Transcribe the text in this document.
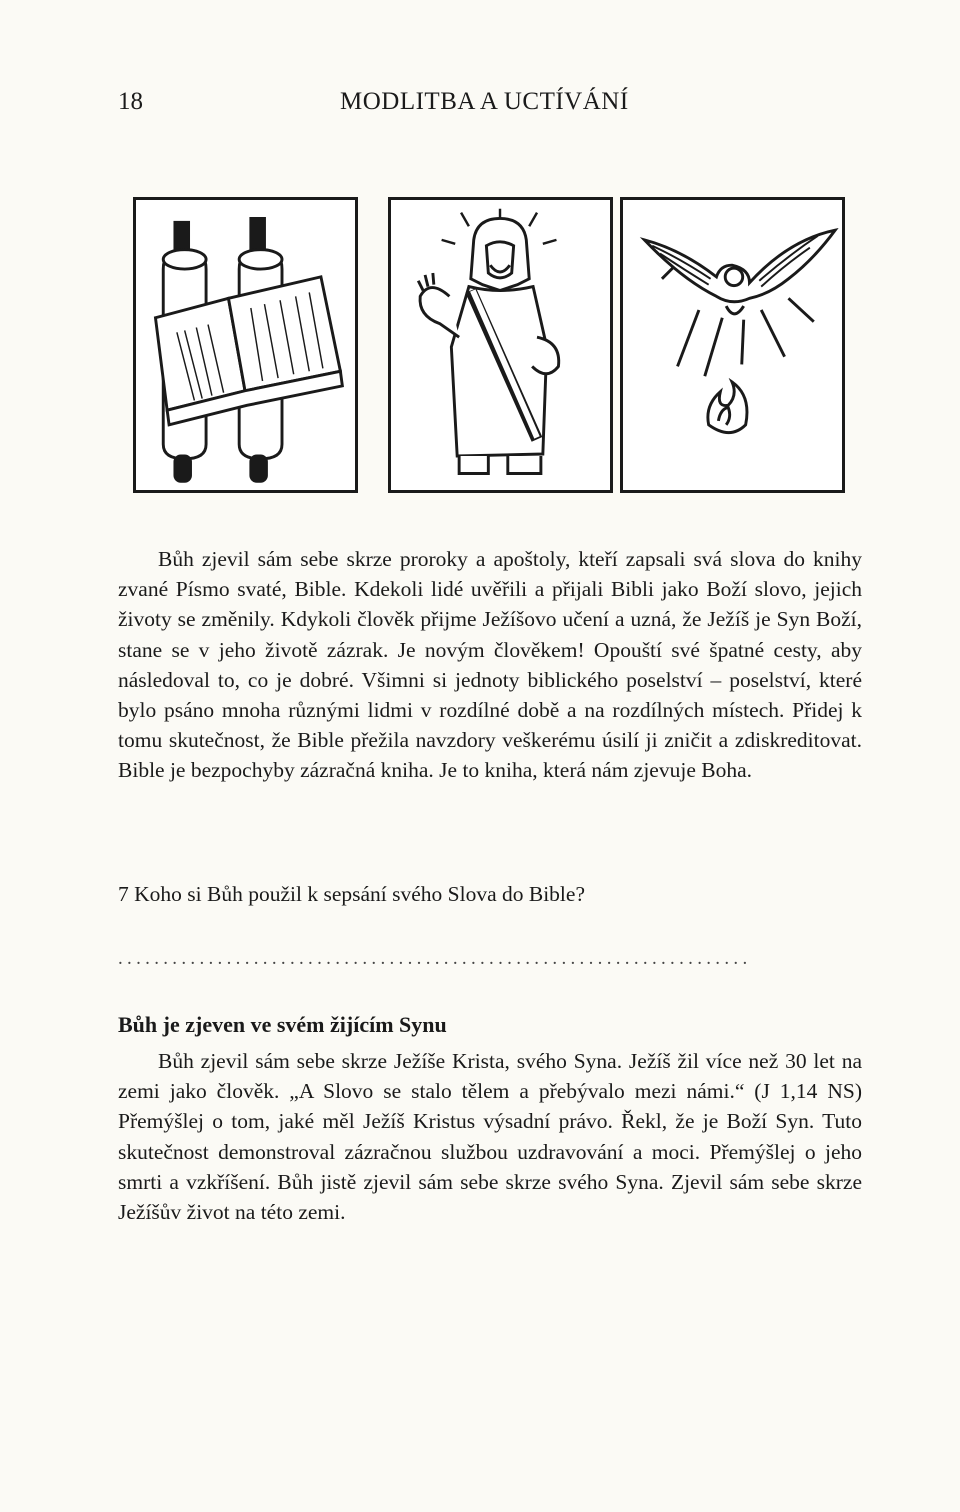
18	MODLITBA A UCTÍVÁNÍ

Bůh zjevil sám sebe skrze proroky a apoštoly, kteří zapsali svá slova do knihy zvané Písmo svaté, Bible. Kdekoli lidé uvěřili a přijali Bibli jako Boží slovo, jejich životy se změnily. Kdykoli člověk přijme Ježíšovo učení a uzná, že Ježíš je Syn Boží, stane se v jeho životě zázrak. Je novým člověkem! Opouští své špatné cesty, aby následoval to, co je dobré. Všimni si jednoty biblického poselství – poselství, které bylo psáno mnoha různými lidmi v rozdílné době a na rozdílných místech. Přidej k tomu skutečnost, že Bible přežila navzdory veškerému úsilí ji zničit a zdiskreditovat. Bible je bezpochyby zázračná kniha. Je to kniha, která nám zjevuje Boha.

7 Koho si Bůh použil k sepsání svého Slova do Bible?

......................................................................
Bůh je zjeven ve svém žijícím Synu

Bůh zjevil sám sebe skrze Ježíše Krista, svého Syna. Ježíš žil více než 30 let na zemi jako člověk. „A Slovo se stalo tělem a přebývalo mezi námi.“ (J 1,14 NS) Přemýšlej o tom, jaké měl Ježíš Kristus výsadní právo. Řekl, že je Boží Syn. Tuto skutečnost demonstroval zázračnou službou uzdravování a moci. Přemýšlej o jeho smrti a vzkříšení. Bůh jistě zjevil sám sebe skrze svého Syna. Zjevil sám sebe skrze Ježíšův život na této zemi.
